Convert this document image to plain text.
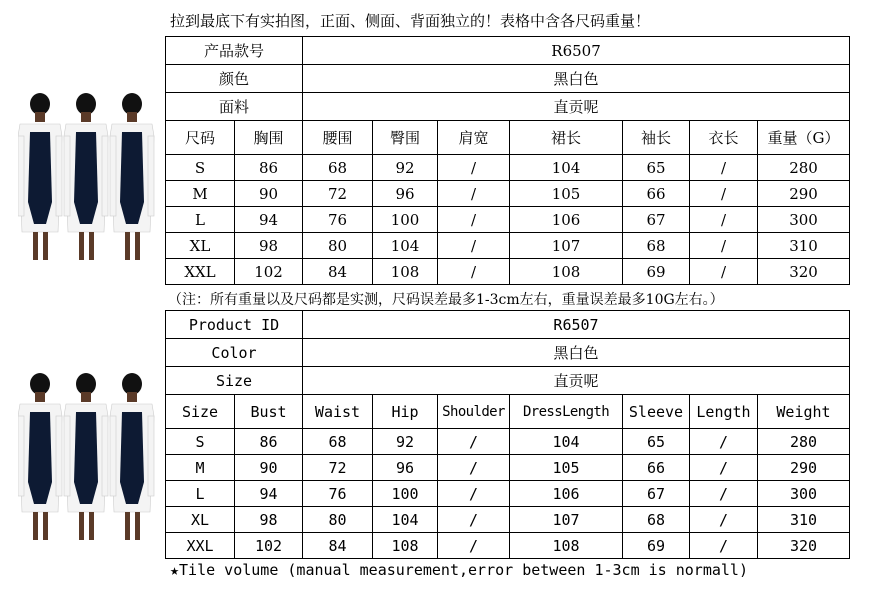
拉到最底下有实拍图，正面、侧面、背面独立的！表格中含各尺码重量！
产品款号		R6507						
颜色		黑白色						
面料		直贡呢						
尺码	胸围	腰围	臀围	肩宽	裙长	袖长	衣长	重量（G）
S	86	68	92	/	104	65	/	280
M	90	72	96	/	105	66	/	290
L	94	76	100	/	106	67	/	300
XL	98	80	104	/	107	68	/	310
XXL	102	84	108	/	108	69	/	320
（注：所有重量以及尺码都是实测，尺码误差最多1-3cm左右，重量误差最多10G左右。）
Product ID		R6507						
Color		黑白色						
Size		直贡呢						
Size	Bust	Waist	Hip	Shoulder	DressLength	Sleeve	Length	Weight
S	86	68	92	/	104	65	/	280
M	90	72	96	/	105	66	/	290
L	94	76	100	/	106	67	/	300
XL	98	80	104	/	107	68	/	310
XXL	102	84	108	/	108	69	/	320
★Tile volume (manual measurement,error between 1-3cm is normall)
